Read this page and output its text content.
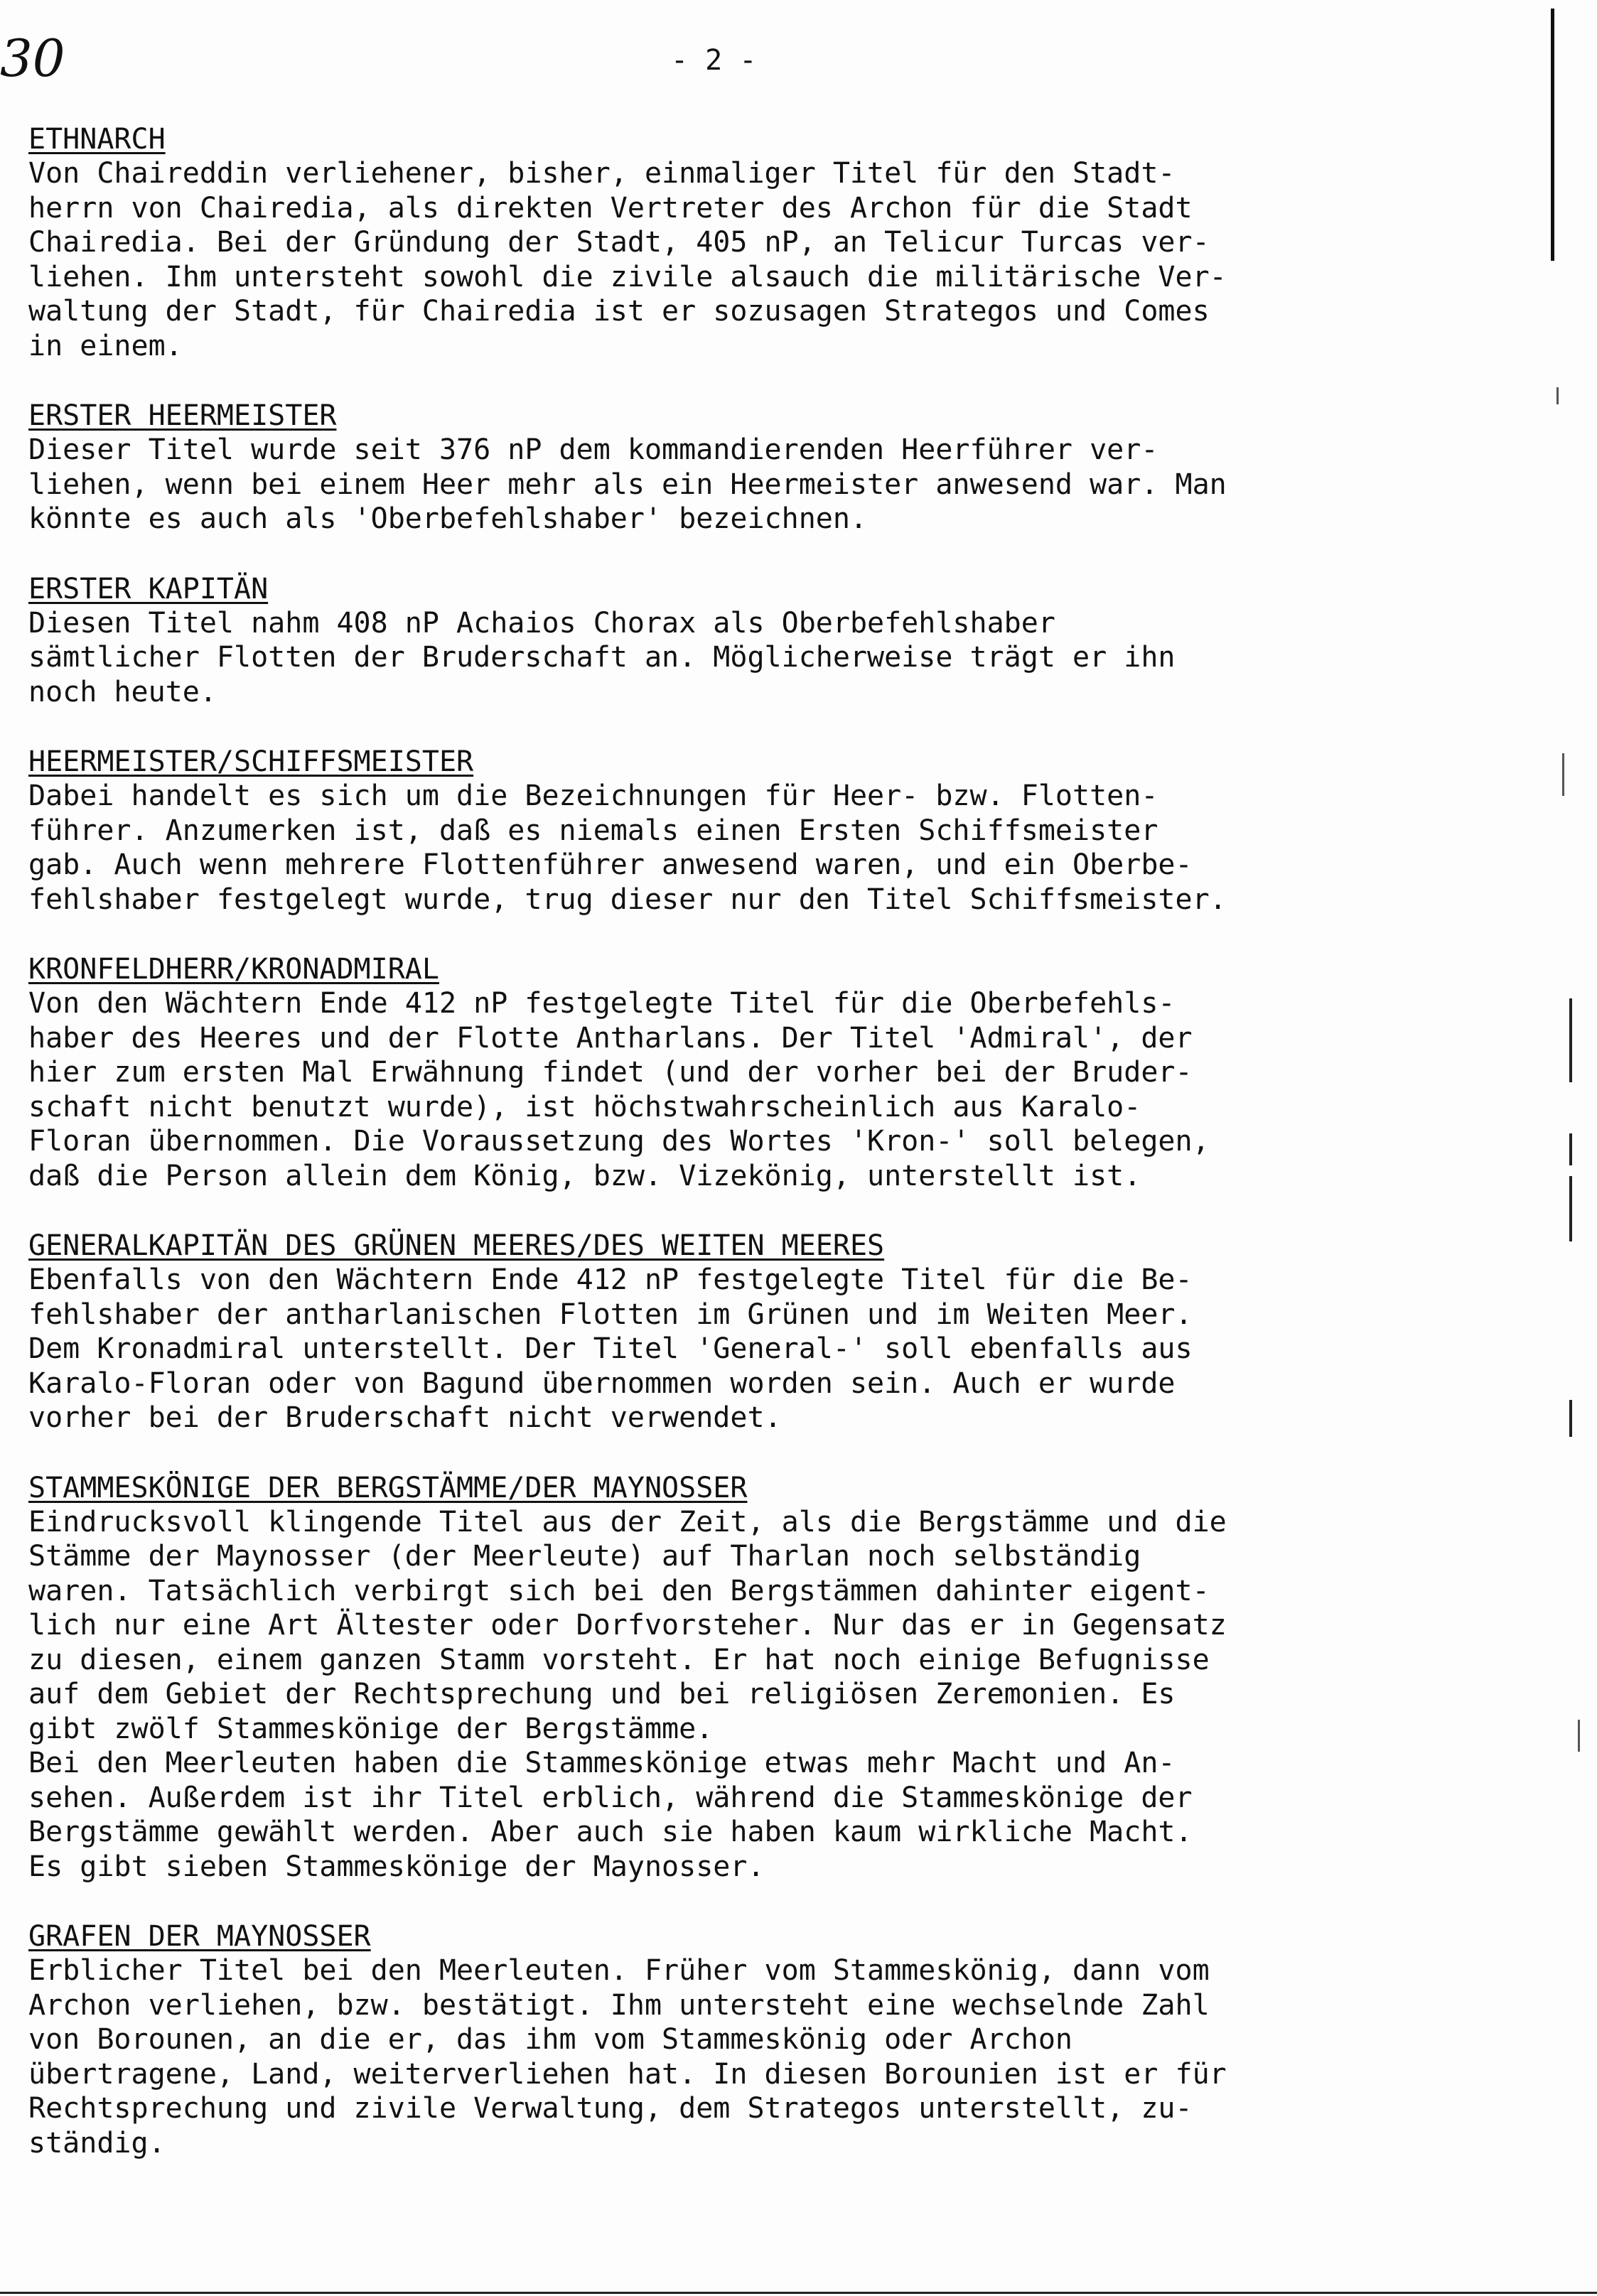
30	- 2 -
ETHNARCH
Von Chaireddin verliehener, bisher, einmaliger Titel für den Stadt-
herrn von Chairedia, als direkten Vertreter des Archon für die Stadt
Chairedia. Bei der Gründung der Stadt, 405 nP, an Telicur Turcas ver-
liehen. Ihm untersteht sowohl die zivile alsauch die militärische Ver-
waltung der Stadt, für Chairedia ist er sozusagen Strategos und Comes
in einem.
ERSTER HEERMEISTER
Dieser Titel wurde seit 376 nP dem kommandierenden Heerführer ver-
liehen, wenn bei einem Heer mehr als ein Heermeister anwesend war. Man
könnte es auch als 'Oberbefehlshaber' bezeichnen.
ERSTER KAPITÄN
Diesen Titel nahm 408 nP Achaios Chorax als Oberbefehlshaber
sämtlicher Flotten der Bruderschaft an. Möglicherweise trägt er ihn
noch heute.
HEERMEISTER/SCHIFFSMEISTER
Dabei handelt es sich um die Bezeichnungen für Heer- bzw. Flotten-
führer. Anzumerken ist, daß es niemals einen Ersten Schiffsmeister
gab. Auch wenn mehrere Flottenführer anwesend waren, und ein Oberbe-
fehlshaber festgelegt wurde, trug dieser nur den Titel Schiffsmeister.
KRONFELDHERR/KRONADMIRAL
Von den Wächtern Ende 412 nP festgelegte Titel für die Oberbefehls-
haber des Heeres und der Flotte Antharlans. Der Titel 'Admiral', der
hier zum ersten Mal Erwähnung findet (und der vorher bei der Bruder-
schaft nicht benutzt wurde), ist höchstwahrscheinlich aus Karalo-
Floran übernommen. Die Voraussetzung des Wortes 'Kron-' soll belegen,
daß die Person allein dem König, bzw. Vizekönig, unterstellt ist.
GENERALKAPITÄN DES GRÜNEN MEERES/DES WEITEN MEERES
Ebenfalls von den Wächtern Ende 412 nP festgelegte Titel für die Be-
fehlshaber der antharlanischen Flotten im Grünen und im Weiten Meer.
Dem Kronadmiral unterstellt. Der Titel 'General-' soll ebenfalls aus
Karalo-Floran oder von Bagund übernommen worden sein. Auch er wurde
vorher bei der Bruderschaft nicht verwendet.
STAMMESKÖNIGE DER BERGSTÄMME/DER MAYNOSSER
Eindrucksvoll klingende Titel aus der Zeit, als die Bergstämme und die
Stämme der Maynosser (der Meerleute) auf Tharlan noch selbständig
waren. Tatsächlich verbirgt sich bei den Bergstämmen dahinter eigent-
lich nur eine Art Ältester oder Dorfvorsteher. Nur das er in Gegensatz
zu diesen, einem ganzen Stamm vorsteht. Er hat noch einige Befugnisse
auf dem Gebiet der Rechtsprechung und bei religiösen Zeremonien. Es
gibt zwölf Stammeskönige der Bergstämme.
Bei den Meerleuten haben die Stammeskönige etwas mehr Macht und An-
sehen. Außerdem ist ihr Titel erblich, während die Stammeskönige der
Bergstämme gewählt werden. Aber auch sie haben kaum wirkliche Macht.
Es gibt sieben Stammeskönige der Maynosser.
GRAFEN DER MAYNOSSER
Erblicher Titel bei den Meerleuten. Früher vom Stammeskönig, dann vom
Archon verliehen, bzw. bestätigt. Ihm untersteht eine wechselnde Zahl
von Borounen, an die er, das ihm vom Stammeskönig oder Archon
übertragene, Land, weiterverliehen hat. In diesen Borounien ist er für
Rechtsprechung und zivile Verwaltung, dem Strategos unterstellt, zu-
ständig.
